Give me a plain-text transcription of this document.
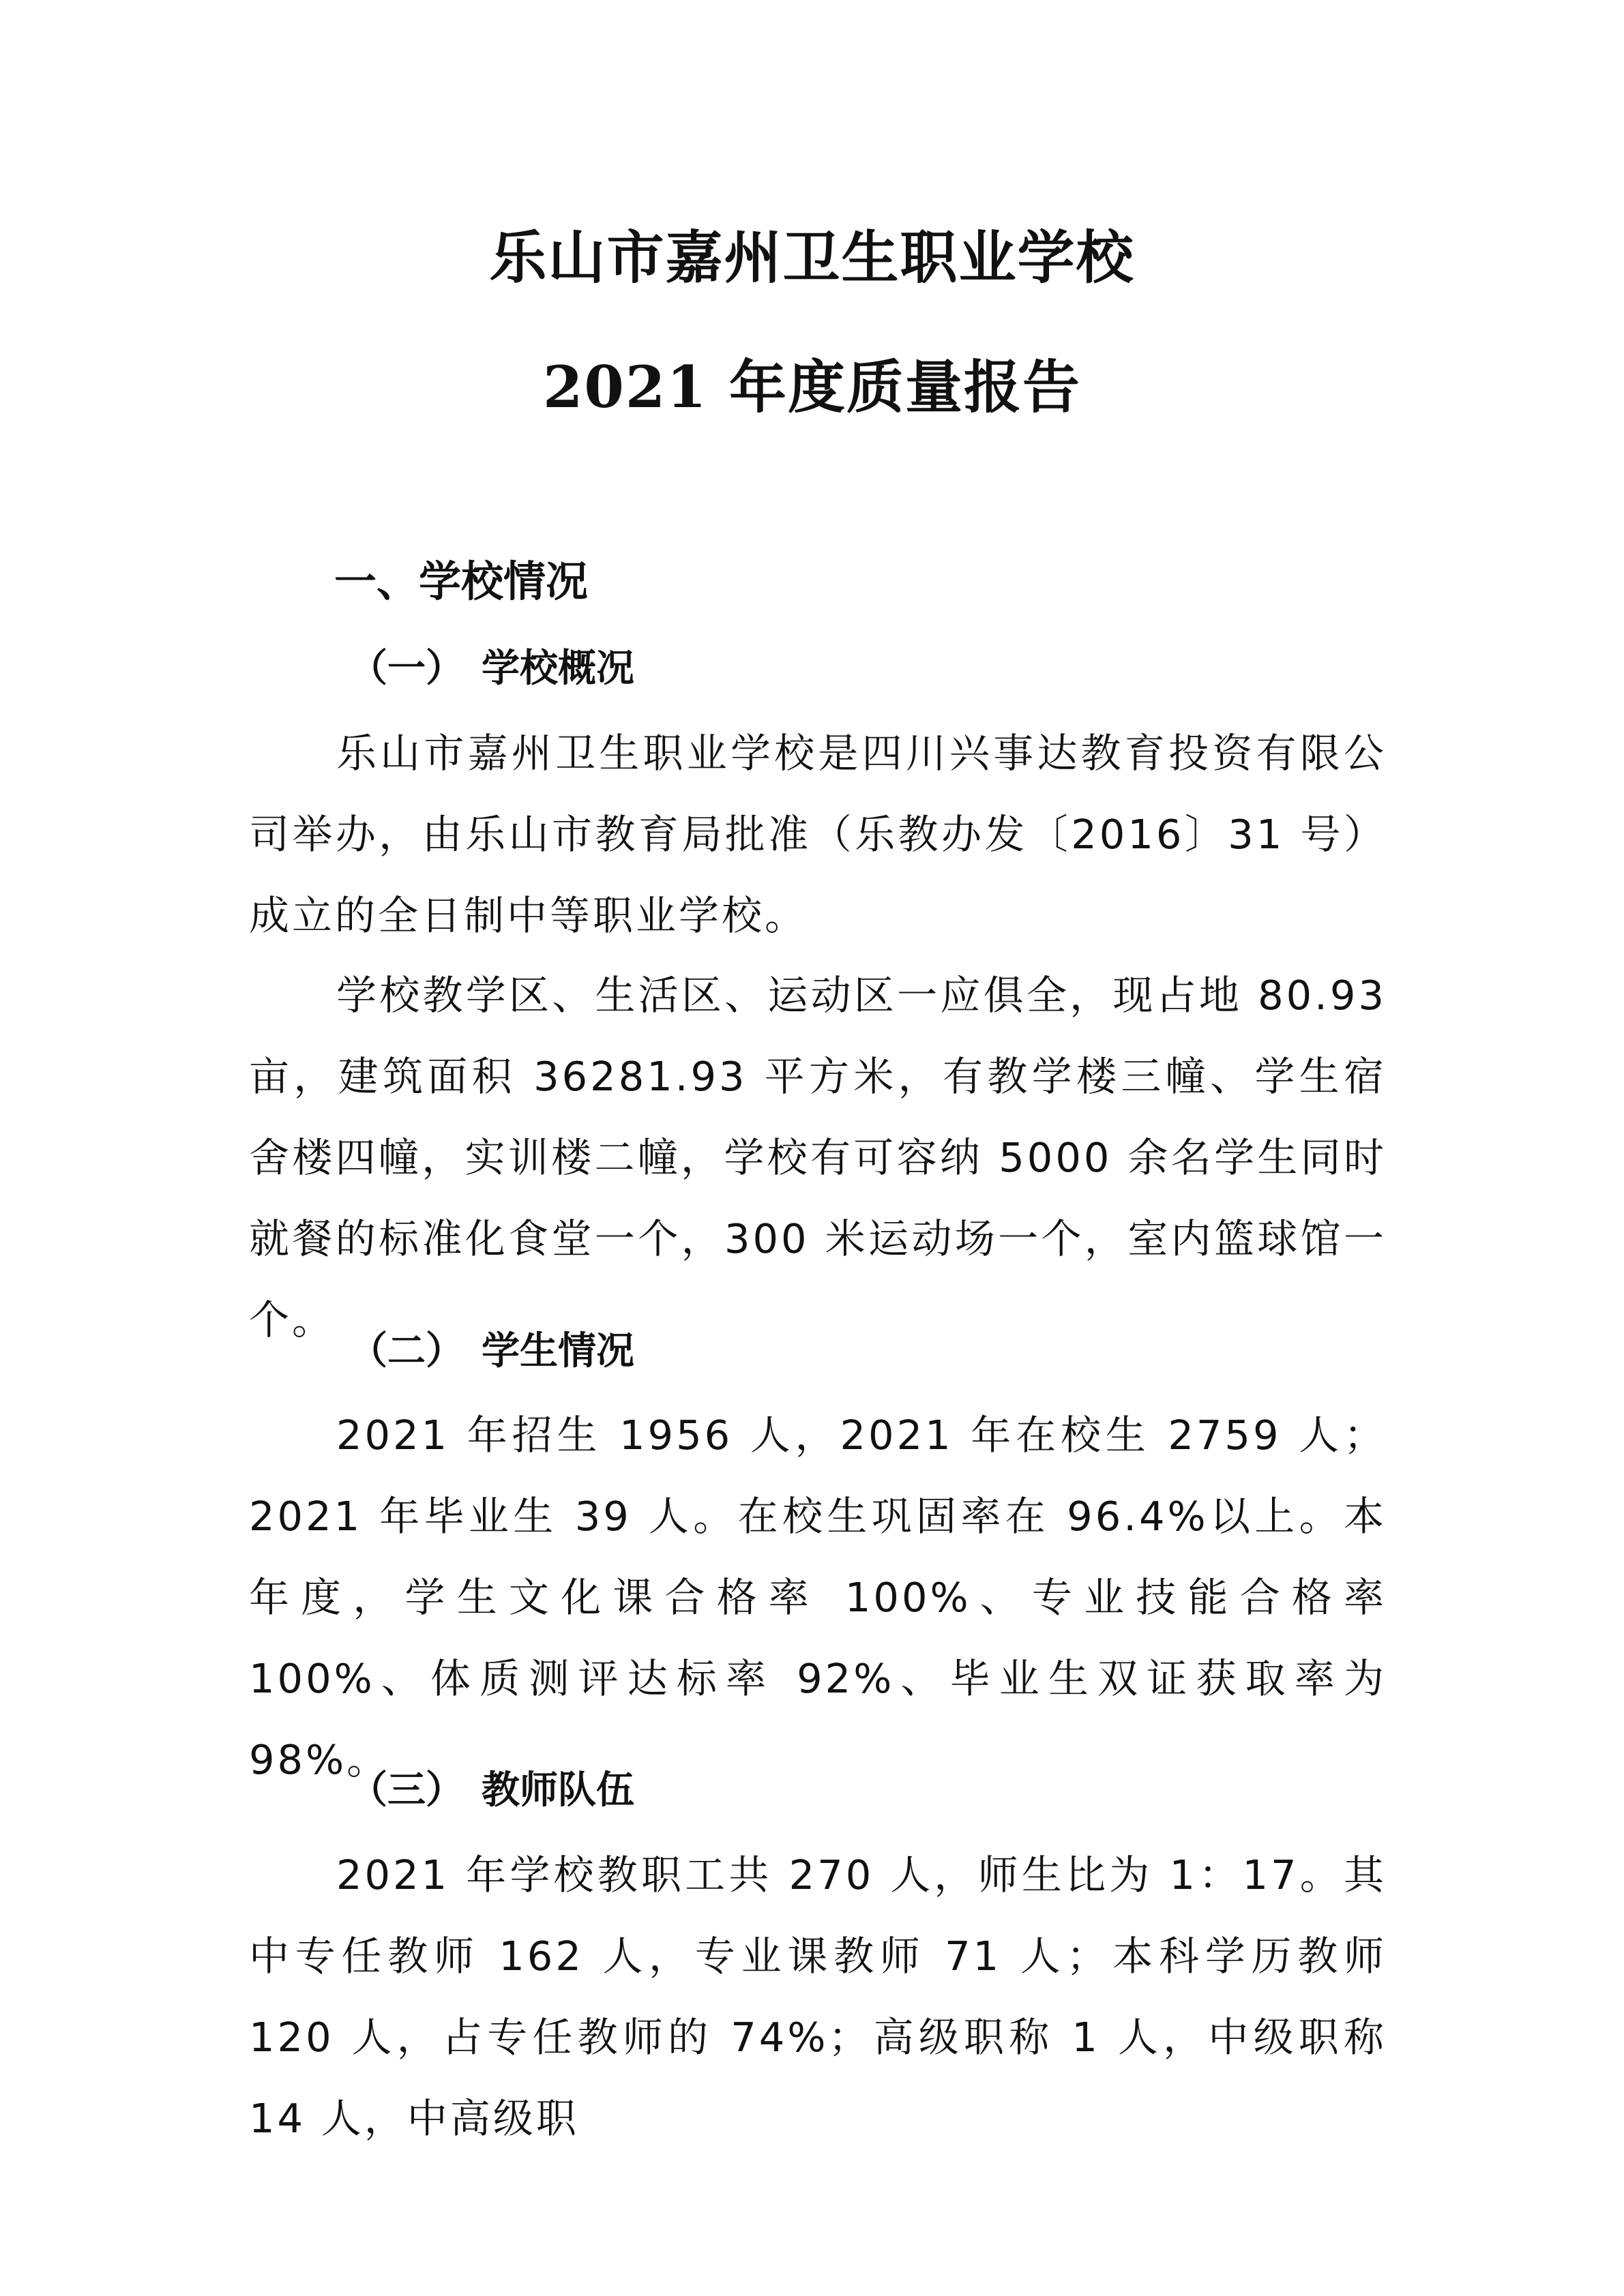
乐山市嘉州卫生职业学校
2021 年度质量报告
一、学校情况
（一） 学校概况
乐山市嘉州卫生职业学校是四川兴事达教育投资有限公司举办，由乐山市教育局批准（乐教办发〔2016〕31 号）成立的全日制中等职业学校。
学校教学区、生活区、运动区一应俱全，现占地 80.93 亩，建筑面积 36281.93 平方米，有教学楼三幢、学生宿舍楼四幢，实训楼二幢，学校有可容纳 5000 余名学生同时就餐的标准化食堂一个，300 米运动场一个，室内篮球馆一个。
（二） 学生情况
2021 年招生 1956 人，2021 年在校生 2759 人；2021 年毕业生 39 人。在校生巩固率在 96.4%以上。本年度，学生文化课合格率 100%、专业技能合格率 100%、体质测评达标率 92%、毕业生双证获取率为 98%。
（三） 教师队伍
2021 年学校教职工共 270 人，师生比为 1：17。其中专任教师 162 人，专业课教师 71 人；本科学历教师 120 人，占专任教师的 74%；高级职称 1 人，中级职称 14 人，中高级职
